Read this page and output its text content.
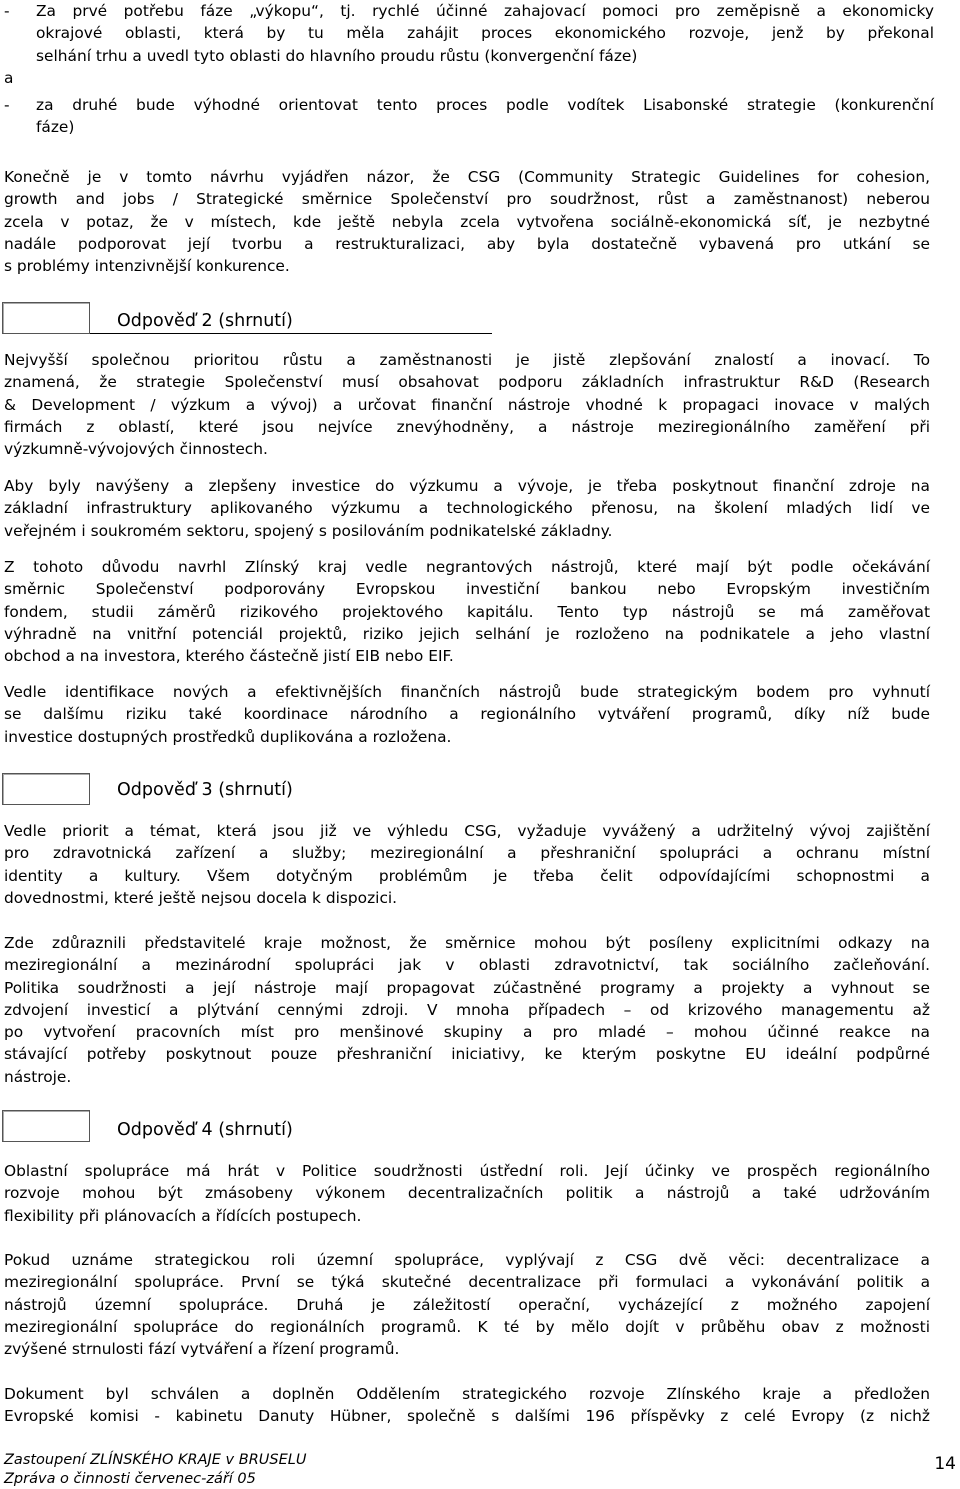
- Za prvé potřebu fáze „výkopu“, tj. rychlé účinné zahajovací pomoci pro zeměpisně a ekonomicky
okrajové oblasti, která by tu měla zahájit proces ekonomického rozvoje, jenž by překonal
selhání trhu a uvedl tyto oblasti do hlavního proudu růstu (konvergenční fáze)
a
- za druhé bude výhodné orientovat tento proces podle vodítek Lisabonské strategie (konkurenční
fáze)
Konečně je v tomto návrhu vyjádřen názor, že CSG (Community Strategic Guidelines for cohesion,
growth and jobs / Strategické směrnice Společenství pro soudržnost, růst a zaměstnanost) neberou
zcela v potaz, že v místech, kde ještě nebyla zcela vytvořena sociálně-ekonomická síť, je nezbytné
nadále podporovat její tvorbu a restrukturalizaci, aby byla dostatečně vybavená pro utkání se
s problémy intenzivnější konkurence.
Odpověď 2 (shrnutí)
Nejvyšší společnou prioritou růstu a zaměstnanosti je jistě zlepšování znalostí a inovací. To
znamená, že strategie Společenství musí obsahovat podporu základních infrastruktur R&D (Research
& Development / výzkum a vývoj) a určovat finanční nástroje vhodné k propagaci inovace v malých
firmách z oblastí, které jsou nejvíce znevýhodněny, a nástroje meziregionálního zaměření při
výzkumně-vývojových činnostech.
Aby byly navýšeny a zlepšeny investice do výzkumu a vývoje, je třeba poskytnout finanční zdroje na
základní infrastruktury aplikovaného výzkumu a technologického přenosu, na školení mladých lidí ve
veřejném i soukromém sektoru, spojený s posilováním podnikatelské základny.
Z tohoto důvodu navrhl Zlínský kraj vedle negrantových nástrojů, které mají být podle očekávání
směrnic Společenství podporovány Evropskou investiční bankou nebo Evropským investičním
fondem, studii záměrů rizikového projektového kapitálu. Tento typ nástrojů se má zaměřovat
výhradně na vnitřní potenciál projektů, riziko jejich selhání je rozloženo na podnikatele a jeho vlastní
obchod a na investora, kterého částečně jistí EIB nebo EIF.
Vedle identifikace nových a efektivnějších finančních nástrojů bude strategickým bodem pro vyhnutí
se dalšímu riziku také koordinace národního a regionálního vytváření programů, díky níž bude
investice dostupných prostředků duplikována a rozložena.
Odpověď 3 (shrnutí)
Vedle priorit a témat, která jsou již ve výhledu CSG, vyžaduje vyvážený a udržitelný vývoj zajištění
pro zdravotnická zařízení a služby; meziregionální a přeshraniční spolupráci a ochranu místní
identity a kultury. Všem dotyčným problémům je třeba čelit odpovídajícími schopnostmi a
dovednostmi, které ještě nejsou docela k dispozici.
Zde zdůraznili představitelé kraje možnost, že směrnice mohou být posíleny explicitními odkazy na
meziregionální a mezinárodní spolupráci jak v oblasti zdravotnictví, tak sociálního začleňování.
Politika soudržnosti a její nástroje mají propagovat zúčastněné programy a projekty a vyhnout se
zdvojení investicí a plýtvání cennými zdroji. V mnoha případech – od krizového managementu až
po vytvoření pracovních míst pro menšinové skupiny a pro mladé – mohou účinné reakce na
stávající potřeby poskytnout pouze přeshraniční iniciativy, ke kterým poskytne EU ideální podpůrné
nástroje.
Odpověď 4 (shrnutí)
Oblastní spolupráce má hrát v Politice soudržnosti ústřední roli. Její účinky ve prospěch regionálního
rozvoje mohou být zmásobeny výkonem decentralizačních politik a nástrojů a také udržováním
flexibility při plánovacích a řídících postupech.
Pokud uznáme strategickou roli územní spolupráce, vyplývají z CSG dvě věci: decentralizace a
meziregionální spolupráce. První se týká skutečné decentralizace při formulaci a vykonávání politik a
nástrojů územní spolupráce. Druhá je záležitostí operační, vycházející z možného zapojení
meziregionální spolupráce do regionálních programů. K té by mělo dojít v průběhu obav z možnosti
zvýšené strnulosti fází vytváření a řízení programů.
Dokument byl schválen a doplněn Oddělením strategického rozvoje Zlínského kraje a předložen
Evropské komisi - kabinetu Danuty Hübner, společně s dalšími 196 příspěvky z celé Evropy (z nichž
Zastoupení ZLÍNSKÉHO KRAJE v BRUSELU
Zpráva o činnosti červenec-září 05
14
